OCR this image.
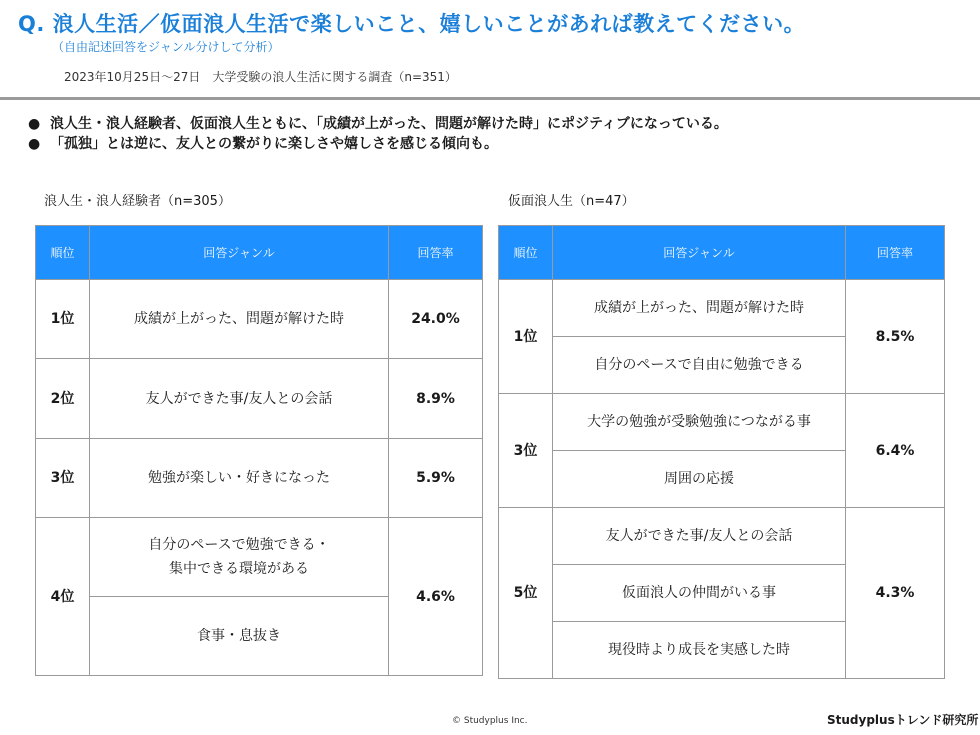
Q. 浪人生活／仮面浪人生活で楽しいこと、嬉しいことがあれば教えてください。
（自由記述回答をジャンル分けして分析）
2023年10月25日～27日　大学受験の浪人生活に関する調査（n=351）
● 浪人生・浪人経験者、仮面浪人生ともに、「成績が上がった、問題が解けた時」にポジティブになっている。
● 「孤独」とは逆に、友人との繋がりに楽しさや嬉しさを感じる傾向も。
浪人生・浪人経験者（n=305）	仮面浪人生（n=47）
順位	回答ジャンル	回答率
1位	成績が上がった、問題が解けた時	24.0%
2位	友人ができた事/友人との会話	8.9%
3位	勉強が楽しい・好きになった	5.9%
4位	自分のペースで勉強できる・
集中できる環境がある	4.6%
	食事・息抜き	
順位	回答ジャンル	回答率
1位	成績が上がった、問題が解けた時	8.5%
	自分のペースで自由に勉強できる	
3位	大学の勉強が受験勉強につながる事	6.4%
	周囲の応援	
5位	友人ができた事/友人との会話	4.3%
	仮面浪人の仲間がいる事	
	現役時より成長を実感した時	
© Studyplus Inc.	Studyplusトレンド研究所
